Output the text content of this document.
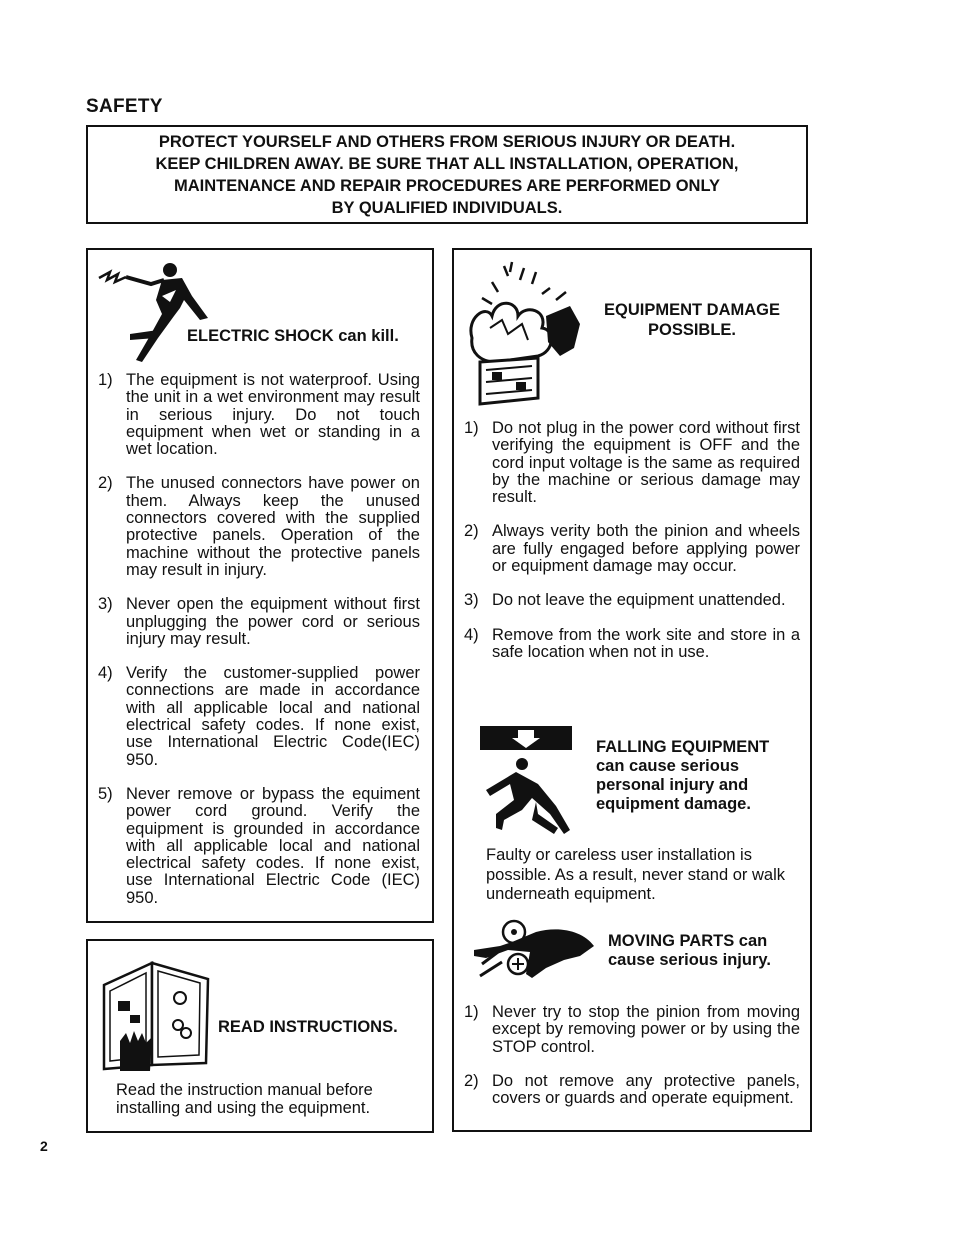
SAFETY
PROTECT YOURSELF AND OTHERS FROM SERIOUS INJURY OR DEATH.
KEEP CHILDREN AWAY. BE SURE THAT ALL INSTALLATION, OPERATION,
MAINTENANCE AND REPAIR PROCEDURES ARE PERFORMED ONLY
BY QUALIFIED INDIVIDUALS.
ELECTRIC SHOCK can kill.
1) The equipment is not waterproof. Using the unit in a wet environment may result in serious injury. Do not touch equipment when wet or standing in a wet location.
2) The unused connectors have power on them. Always keep the unused connectors covered with the supplied protective panels. Operation of the machine without the protective panels may result in injury.
3) Never open the equipment without first unplugging the power cord or serious injury may result.
4) Verify the customer-supplied power connections are made in accordance with all applicable local and national electrical safety codes. If none exist, use International Electric Code(IEC) 950.
5) Never remove or bypass the equiment power cord ground. Verify the equipment is grounded in accordance with all applicable local and national electrical safety codes. If none exist, use International Electric Code (IEC) 950.
READ INSTRUCTIONS.
Read the instruction manual before installing and using the equipment.
EQUIPMENT DAMAGE
POSSIBLE.
1) Do not plug in the power cord without first verifying the equipment is OFF and the cord input voltage is the same as required by the machine or serious damage may result.
2) Always verity both the pinion and wheels are fully engaged before applying power or equipment damage may occur.
3) Do not leave the equipment unattended.
4) Remove from the work site and store in a safe location when not in use.
FALLING EQUIPMENT
can cause serious
personal injury and
equipment damage.
Faulty or careless user installation is possible. As a result, never stand or walk underneath equipment.
MOVING PARTS can
cause serious injury.
1) Never try to stop the pinion from moving except by removing power or by using the STOP control.
2) Do not remove any protective panels, covers or guards and operate equipment.
2
